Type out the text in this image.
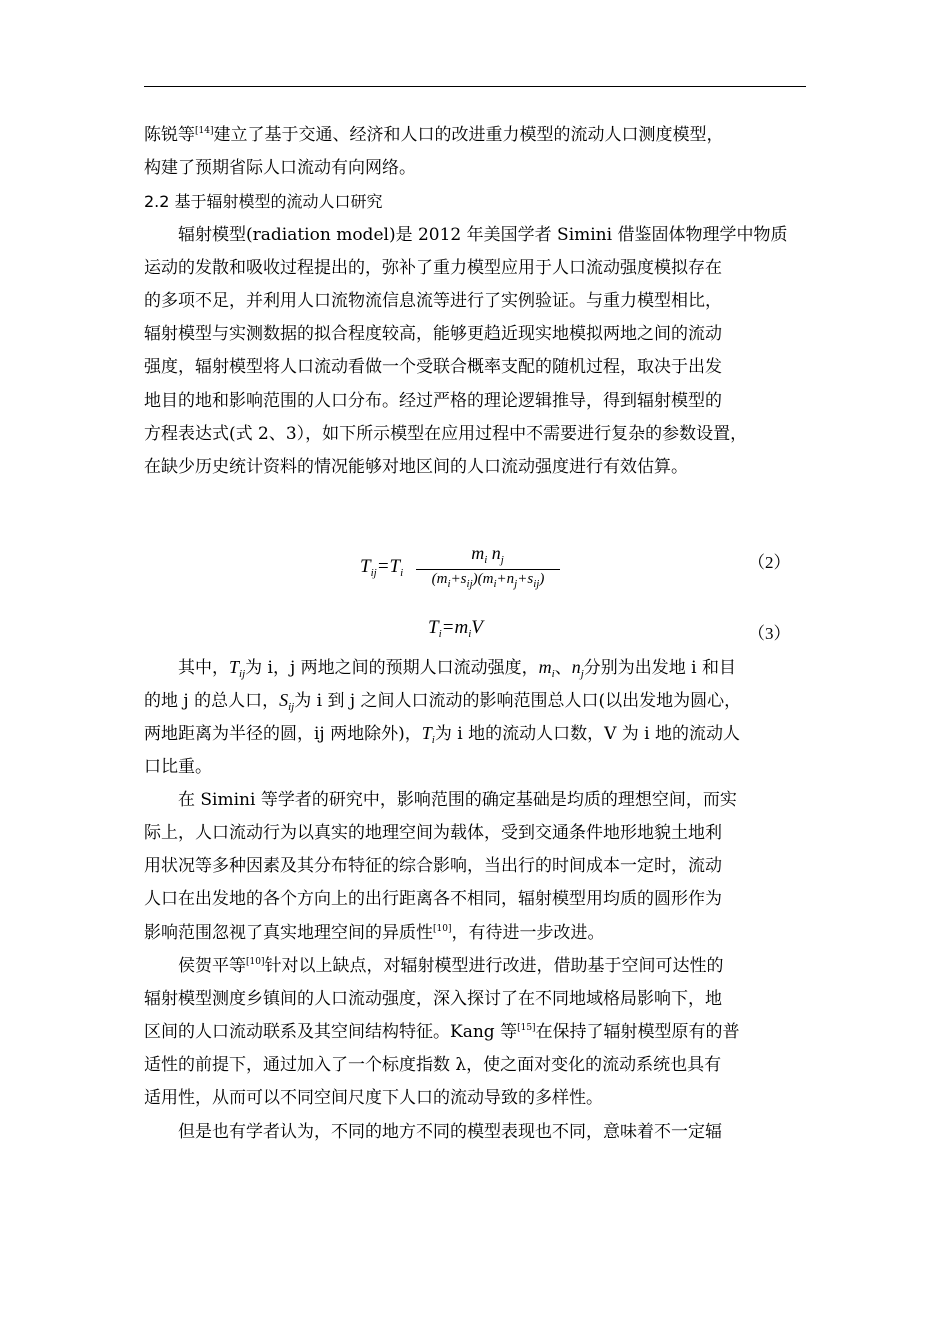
陈锐等[14]建立了基于交通、经济和人口的改进重力模型的流动人口测度模型，
构建了预期省际人口流动有向网络。
2.2 基于辐射模型的流动人口研究
辐射模型(radiation model)是 2012 年美国学者 Simini 借鉴固体物理学中物质
运动的发散和吸收过程提出的，弥补了重力模型应用于人口流动强度模拟存在
的多项不足，并利用人口流物流信息流等进行了实例验证。与重力模型相比，
辐射模型与实测数据的拟合程度较高，能够更趋近现实地模拟两地之间的流动
强度，辐射模型将人口流动看做一个受联合概率支配的随机过程，取决于出发
地目的地和影响范围的人口分布。经过严格的理论逻辑推导，得到辐射模型的
方程表达式(式 2、3），如下所示模型在应用过程中不需要进行复杂的参数设置，
在缺少历史统计资料的情况能够对地区间的人口流动强度进行有效估算。
$T_{ij}=T_i$
$m_i$ $n_j$
$(m_i+s_{ij})(m_i+n_j+s_{ij})$
（2）
$T_i=m_iV$	（3）
其中，$T_{ij}$为 i，j 两地之间的预期人口流动强度，$m_i$、$n_j$分别为出发地 i 和目
的地 j 的总人口，$S_{ij}$为 i 到 j 之间人口流动的影响范围总人口(以出发地为圆心，
两地距离为半径的圆，ij 两地除外)，$T_i$为 i 地的流动人口数，V 为 i 地的流动人
口比重。
在 Simini 等学者的研究中，影响范围的确定基础是均质的理想空间，而实
际上，人口流动行为以真实的地理空间为载体，受到交通条件地形地貌土地利
用状况等多种因素及其分布特征的综合影响，当出行的时间成本一定时，流动
人口在出发地的各个方向上的出行距离各不相同，辐射模型用均质的圆形作为
影响范围忽视了真实地理空间的异质性[10]，有待进一步改进。
侯贺平等[10]针对以上缺点，对辐射模型进行改进，借助基于空间可达性的
辐射模型测度乡镇间的人口流动强度，深入探讨了在不同地域格局影响下，地
区间的人口流动联系及其空间结构特征。Kang 等[15]在保持了辐射模型原有的普
适性的前提下，通过加入了一个标度指数 λ，使之面对变化的流动系统也具有
适用性，从而可以不同空间尺度下人口的流动导致的多样性。
但是也有学者认为，不同的地方不同的模型表现也不同，意味着不一定辐
